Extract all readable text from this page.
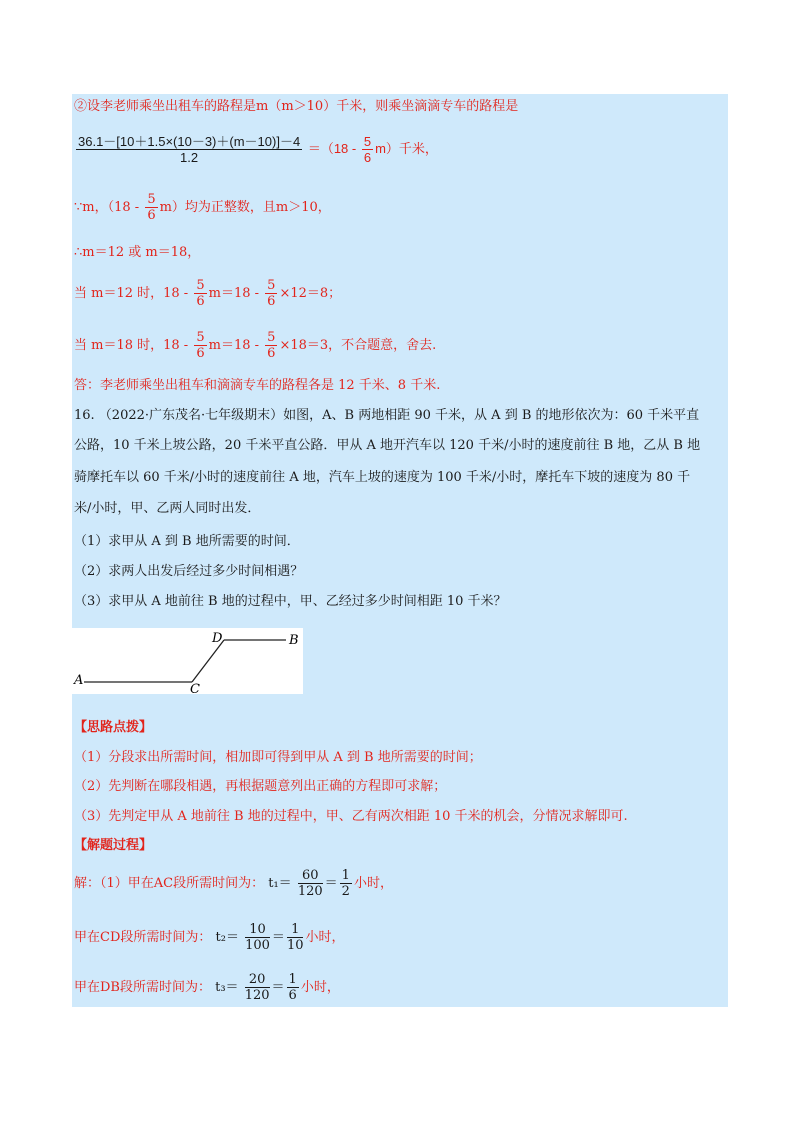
②设李老师乘坐出租车的路程是m（m＞10）千米，则乘坐滴滴专车的路程是
$\frac{36.1-[10+1.5\times(10-3)+(m-10)]-4}{1.2} =(18 - \frac{5}{6} m)$千米，
∵m，$(18 - \frac{5}{6} m)$均为正整数，且m＞10，
∴m＝12 或 m＝18，
当 m＝12 时，$18 - \frac{5}{6} m=18 - \frac{5}{6} \times 12=8$；
当 m＝18 时，$18 - \frac{5}{6} m=18 - \frac{5}{6} \times 18=3$，不合题意，舍去.
答：李老师乘坐出租车和滴滴专车的路程各是 12 千米、8 千米.
16. （2022·广东茂名·七年级期末）如图，A、B 两地相距 90 千米，从 A 到 B 的地形依次为：60 千米平直
公路，10 千米上坡公路，20 千米平直公路．甲从 A 地开汽车以 120 千米/小时的速度前往 B 地，乙从 B 地
骑摩托车以 60 千米/小时的速度前往 A 地，汽车上坡的速度为 100 千米/小时，摩托车下坡的速度为 80 千
米/小时，甲、乙两人同时出发．
（1）求甲从 A 到 B 地所需要的时间．
（2）求两人出发后经过多少时间相遇？
（3）求甲从 A 地前往 B 地的过程中，甲、乙经过多少时间相距 10 千米？
A
C
D	B
【思路点拨】
（1）分段求出所需时间，相加即可得到甲从 A 到 B 地所需要的时间；
（2）先判断在哪段相遇，再根据题意列出正确的方程即可求解；
（3）先判定甲从 A 地前往 B 地的过程中，甲、乙有两次相距 10 千米的机会，分情况求解即可.
【解题过程】
解：（1）甲在AC段所需时间为： $t_1= \frac{60}{120} = \frac{1}{2}$ 小时，
甲在CD段所需时间为： $t_2= \frac{10}{100} = \frac{1}{10}$ 小时，
甲在DB段所需时间为： $t_3= \frac{20}{120} = \frac{1}{6}$ 小时，
